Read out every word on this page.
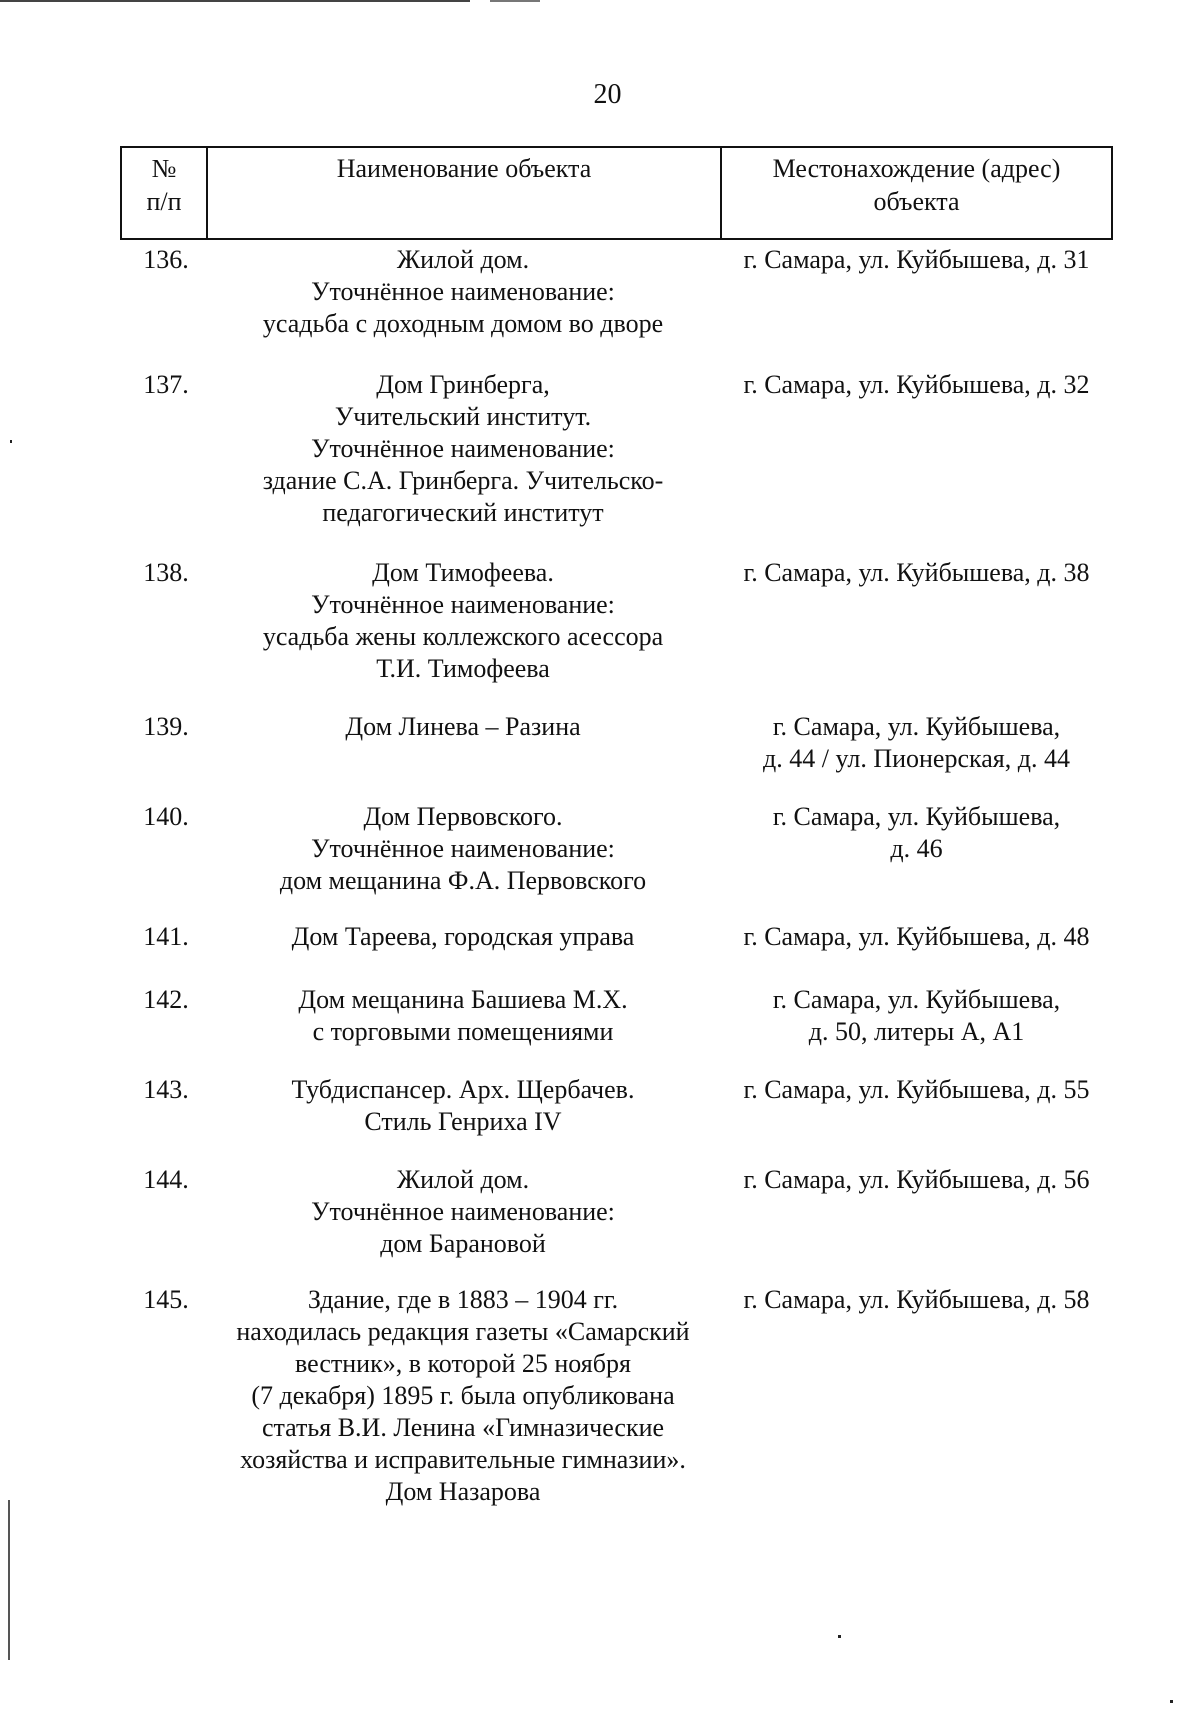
20
№
п/п
Наименование объекта	Местонахождение (адрес)
объекта
136.	Жилой дом.
Уточнённое наименование:
усадьба с доходным домом во дворе
г. Самара, ул. Куйбышева, д. 31
137.	Дом Гринберга,
Учительский институт.
Уточнённое наименование:
здание С.А. Гринберга. Учительско-
педагогический институт
г. Самара, ул. Куйбышева, д. 32
138.	Дом Тимофеева.
Уточнённое наименование:
усадьба жены коллежского асессора
Т.И. Тимофеева
г. Самара, ул. Куйбышева, д. 38
139.	Дом Линева – Разина	г. Самара, ул. Куйбышева,
д. 44 / ул. Пионерская, д. 44
140.	Дом Первовского.
Уточнённое наименование:
дом мещанина Ф.А. Первовского
г. Самара, ул. Куйбышева,
д. 46
141.	Дом Тареева, городская управа	г. Самара, ул. Куйбышева, д. 48
142.	Дом мещанина Башиева М.Х.
с торговыми помещениями
г. Самара, ул. Куйбышева,
д. 50, литеры А, А1
143.	Тубдиспансер. Арх. Щербачев.
Стиль Генриха IV
г. Самара, ул. Куйбышева, д. 55
144.	Жилой дом.
Уточнённое наименование:
дом Барановой
г. Самара, ул. Куйбышева, д. 56
145.	Здание, где в 1883 – 1904 гг.
находилась редакция газеты «Самарский
вестник», в которой 25 ноября
(7 декабря) 1895 г. была опубликована
статья В.И. Ленина «Гимназические
хозяйства и исправительные гимназии».
Дом Назарова
г. Самара, ул. Куйбышева, д. 58
